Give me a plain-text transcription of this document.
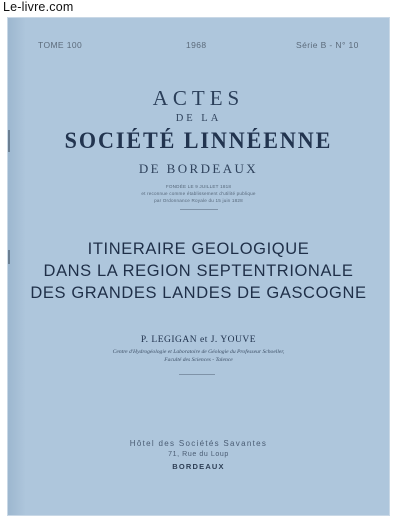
Le-livre.com
TOME 100	1968	Série B - N° 10
ACTES
DE LA
SOCIÉTÉ LINNÉENNE
DE BORDEAUX
FONDÉE LE 9 JUILLET 1818
et reconnue comme établissement d'utilité publique
par Ordonnance Royale du 15 juin 1828
ITINERAIRE GEOLOGIQUE
DANS LA REGION SEPTENTRIONALE
DES GRANDES LANDES DE GASCOGNE
P. LEGIGAN et J. YOUVE
Centre d'Hydrogéologie et Laboratoire de Géologie du Professeur Schoeller,
Faculté des Sciences - Talence
Hôtel des Sociétés Savantes
71, Rue du Loup
BORDEAUX
